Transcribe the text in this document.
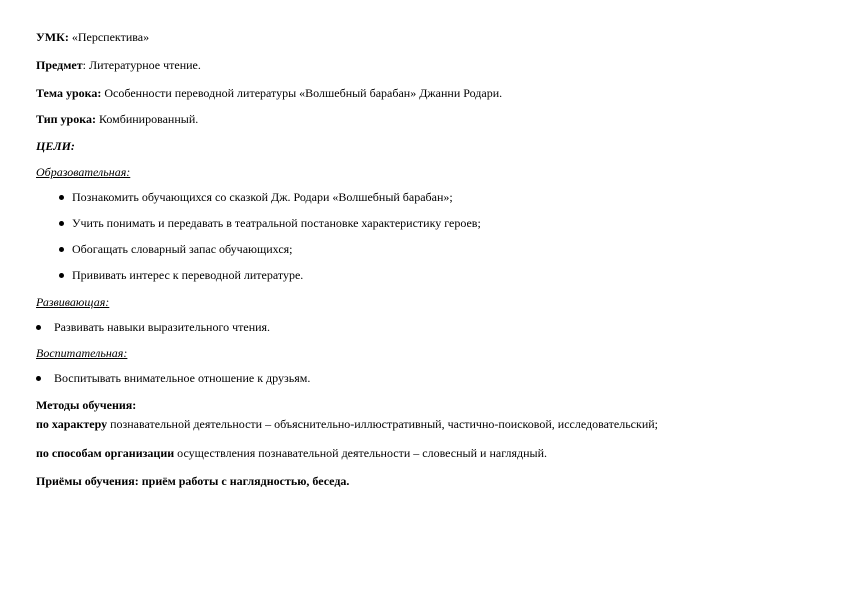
УМК: «Перспектива»
Предмет: Литературное чтение.
Тема урока: Особенности переводной литературы «Волшебный барабан» Джанни Родари.
Тип урока: Комбинированный.
ЦЕЛИ:
Образовательная:
Познакомить обучающихся со сказкой Дж. Родари «Волшебный барабан»;
Учить понимать и передавать в театральной постановке характеристику героев;
Обогащать словарный запас обучающихся;
Прививать интерес к переводной литературе.
Развивающая:
Развивать навыки выразительного чтения.
Воспитательная:
Воспитывать внимательное отношение к друзьям.
Методы обучения:
по характеру познавательной деятельности – объяснительно-иллюстративный, частично-поисковой, исследовательский;
по способам организации осуществления познавательной деятельности – словесный и наглядный.
Приёмы обучения: приём работы с наглядностью, беседа.
